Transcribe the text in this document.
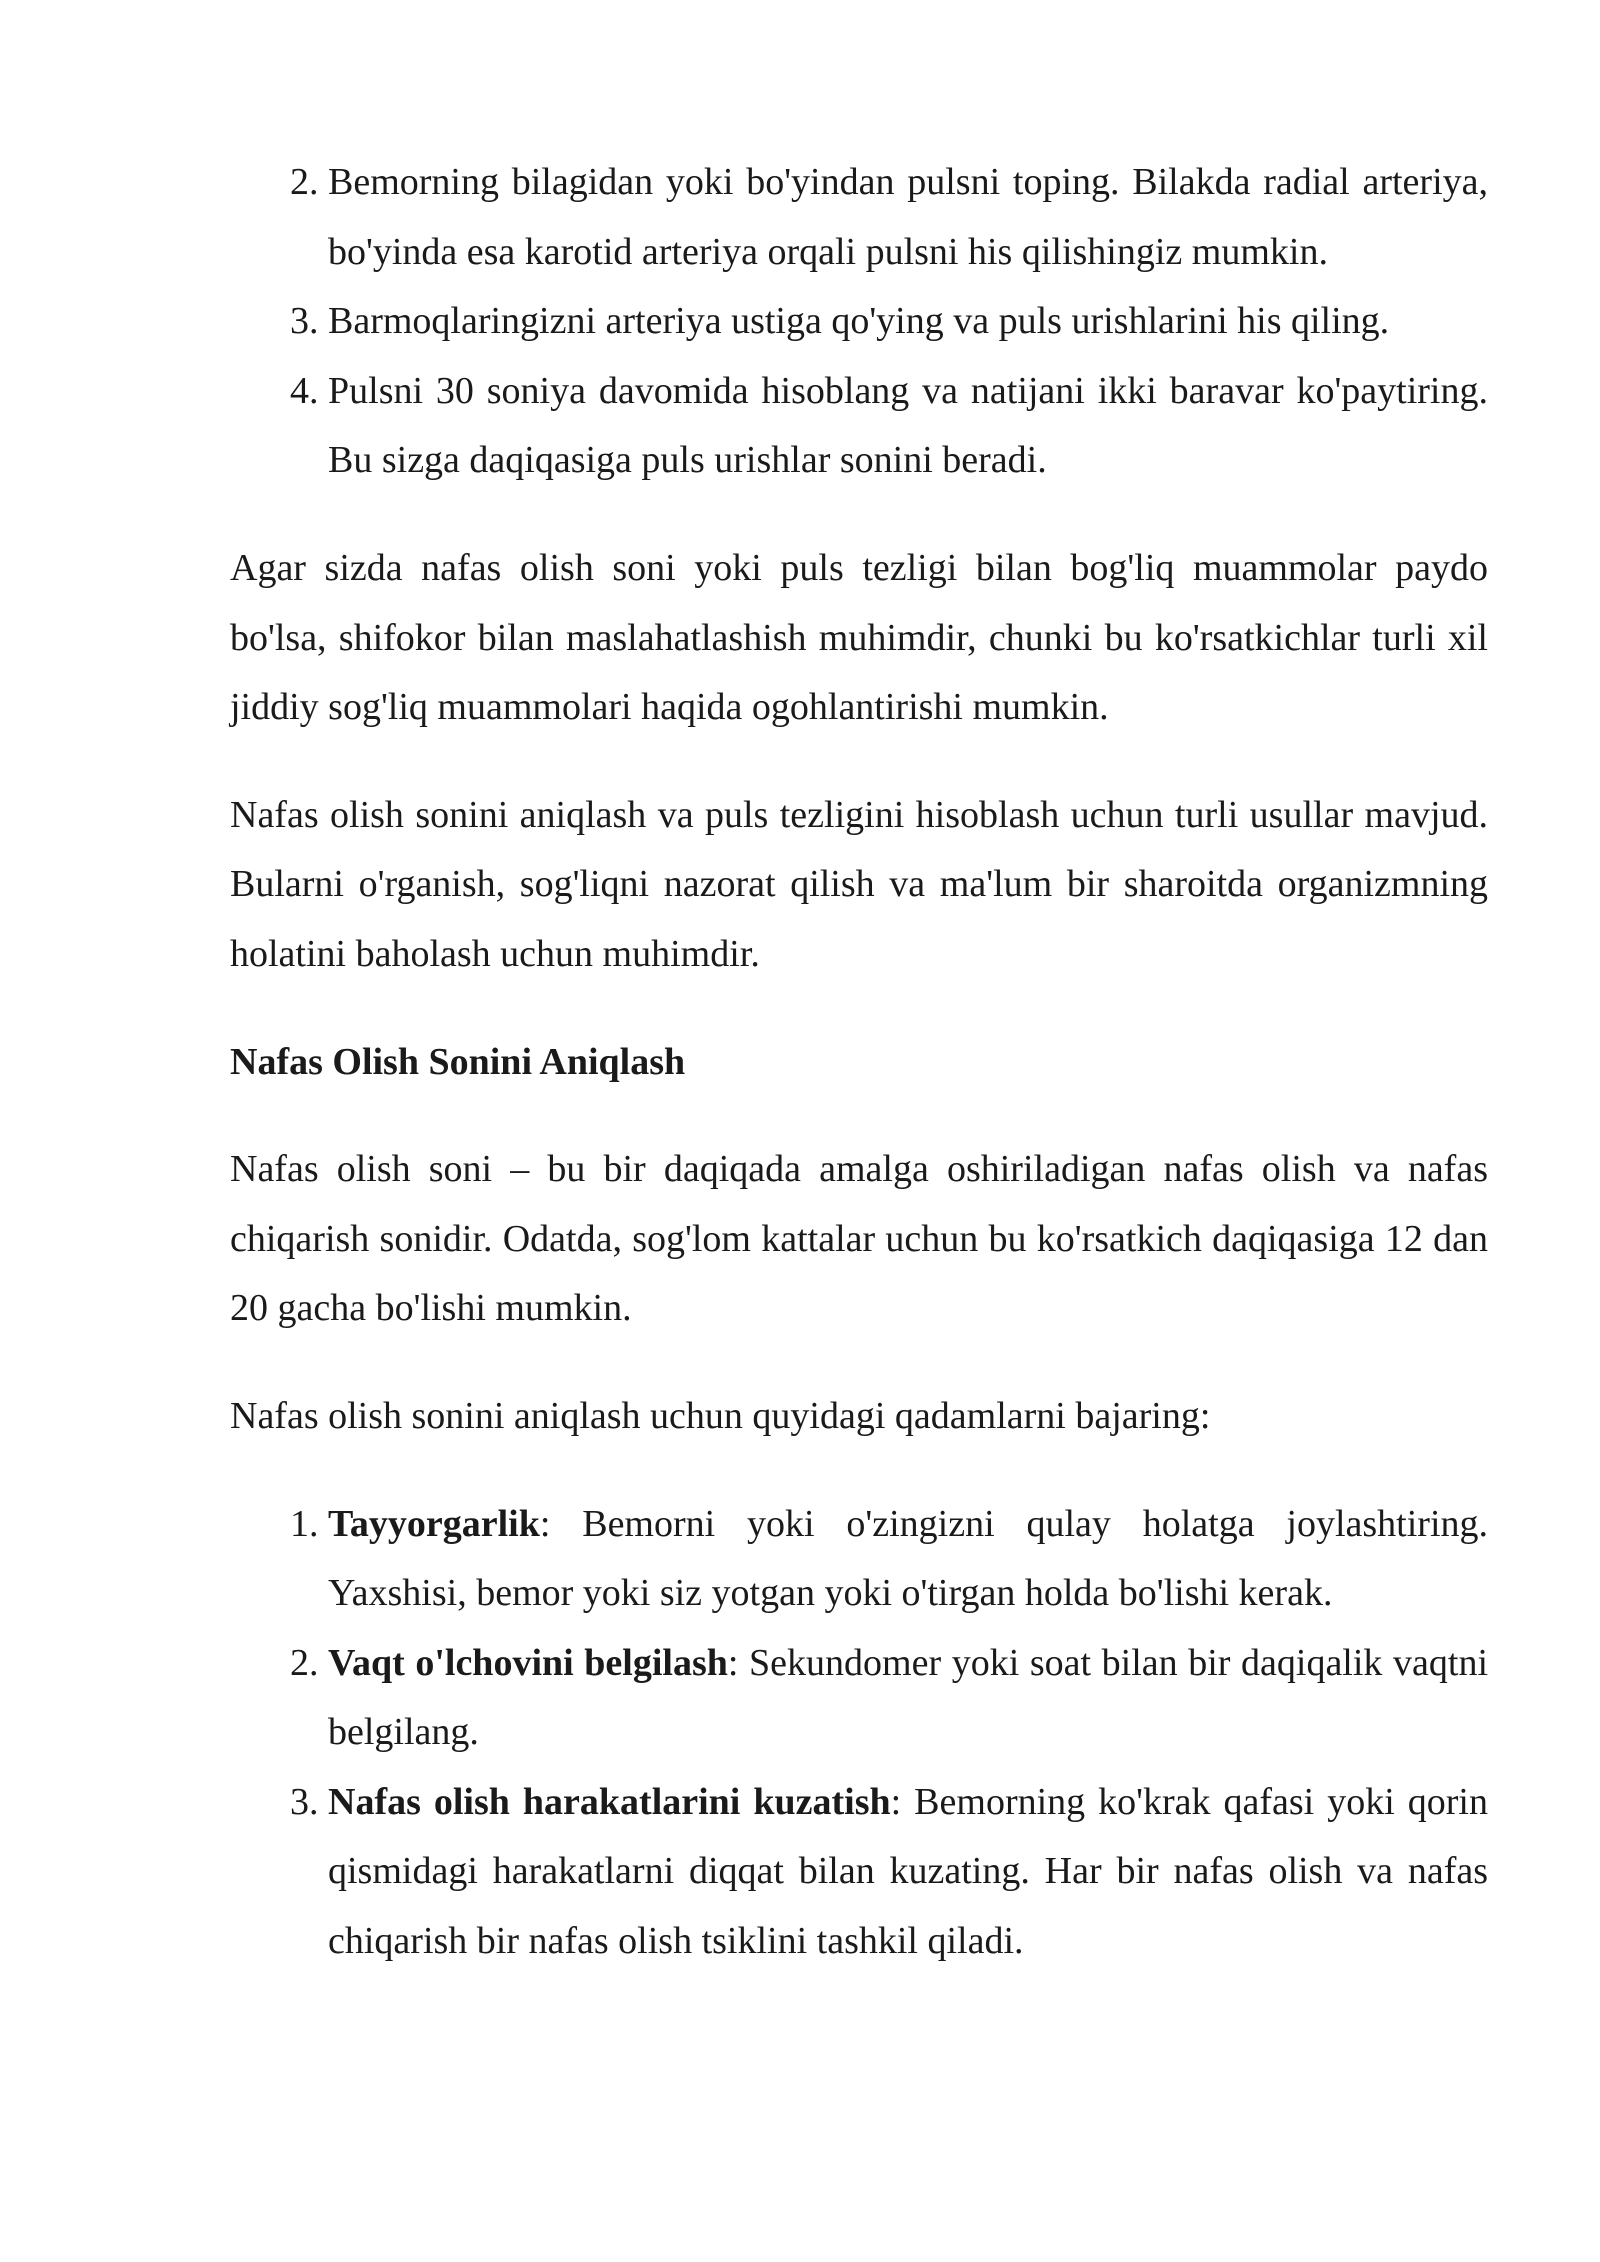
2. Bemorning bilagidan yoki bo'yindan pulsni toping. Bilakda radial arteriya, bo'yinda esa karotid arteriya orqali pulsni his qilishingiz mumkin.
3. Barmoqlaringizni arteriya ustiga qo'ying va puls urishlarini his qiling.
4. Pulsni 30 soniya davomida hisoblang va natijani ikki baravar ko'paytiring. Bu sizga daqiqasiga puls urishlar sonini beradi.

Agar sizda nafas olish soni yoki puls tezligi bilan bog'liq muammolar paydo bo'lsa, shifokor bilan maslahatlashish muhimdir, chunki bu ko'rsatkichlar turli xil jiddiy sog'liq muammolari haqida ogohlantirishi mumkin.

Nafas olish sonini aniqlash va puls tezligini hisoblash uchun turli usullar mavjud. Bularni o'rganish, sog'liqni nazorat qilish va ma'lum bir sharoitda organizmning holatini baholash uchun muhimdir.

Nafas Olish Sonini Aniqlash

Nafas olish soni – bu bir daqiqada amalga oshiriladigan nafas olish va nafas chiqarish sonidir. Odatda, sog'lom kattalar uchun bu ko'rsatkich daqiqasiga 12 dan 20 gacha bo'lishi mumkin.

Nafas olish sonini aniqlash uchun quyidagi qadamlarni bajaring:

1. Tayyorgarlik: Bemorni yoki o'zingizni qulay holatga joylashtiring. Yaxshisi, bemor yoki siz yotgan yoki o'tirgan holda bo'lishi kerak.
2. Vaqt o'lchovini belgilash: Sekundomer yoki soat bilan bir daqiqalik vaqtni belgilang.
3. Nafas olish harakatlarini kuzatish: Bemorning ko'krak qafasi yoki qorin qismidagi harakatlarni diqqat bilan kuzating. Har bir nafas olish va nafas chiqarish bir nafas olish tsiklini tashkil qiladi.
